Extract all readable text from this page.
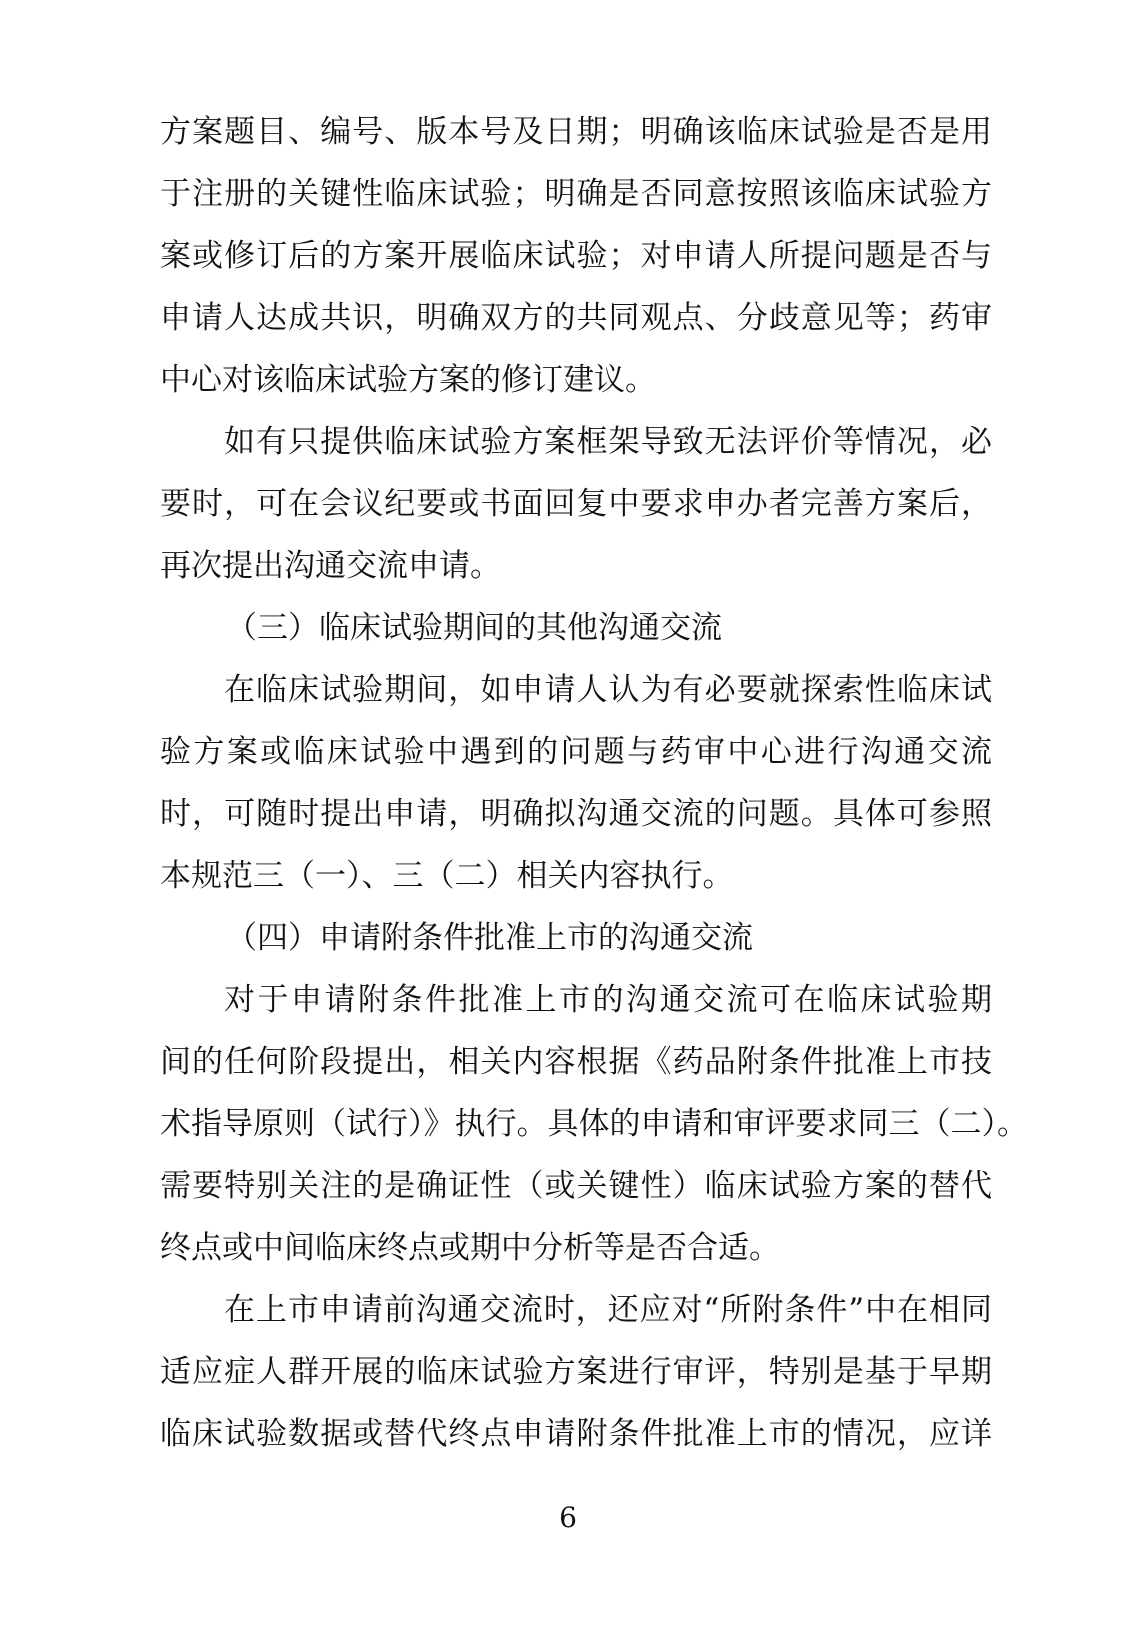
方案题目、编号、版本号及日期；明确该临床试验是否是用
于注册的关键性临床试验；明确是否同意按照该临床试验方
案或修订后的方案开展临床试验；对申请人所提问题是否与
申请人达成共识，明确双方的共同观点、分歧意见等；药审
中心对该临床试验方案的修订建议。
如有只提供临床试验方案框架导致无法评价等情况，必
要时，可在会议纪要或书面回复中要求申办者完善方案后，
再次提出沟通交流申请。
（三）临床试验期间的其他沟通交流
在临床试验期间，如申请人认为有必要就探索性临床试
验方案或临床试验中遇到的问题与药审中心进行沟通交流
时，可随时提出申请，明确拟沟通交流的问题。具体可参照
本规范三（一）、三（二）相关内容执行。
（四）申请附条件批准上市的沟通交流
对于申请附条件批准上市的沟通交流可在临床试验期
间的任何阶段提出，相关内容根据《药品附条件批准上市技
术指导原则（试行）》执行。具体的申请和审评要求同三（二）。
需要特别关注的是确证性（或关键性）临床试验方案的替代
终点或中间临床终点或期中分析等是否合适。
在上市申请前沟通交流时，还应对“所附条件”中在相同
适应症人群开展的临床试验方案进行审评，特别是基于早期
临床试验数据或替代终点申请附条件批准上市的情况，应详
6
